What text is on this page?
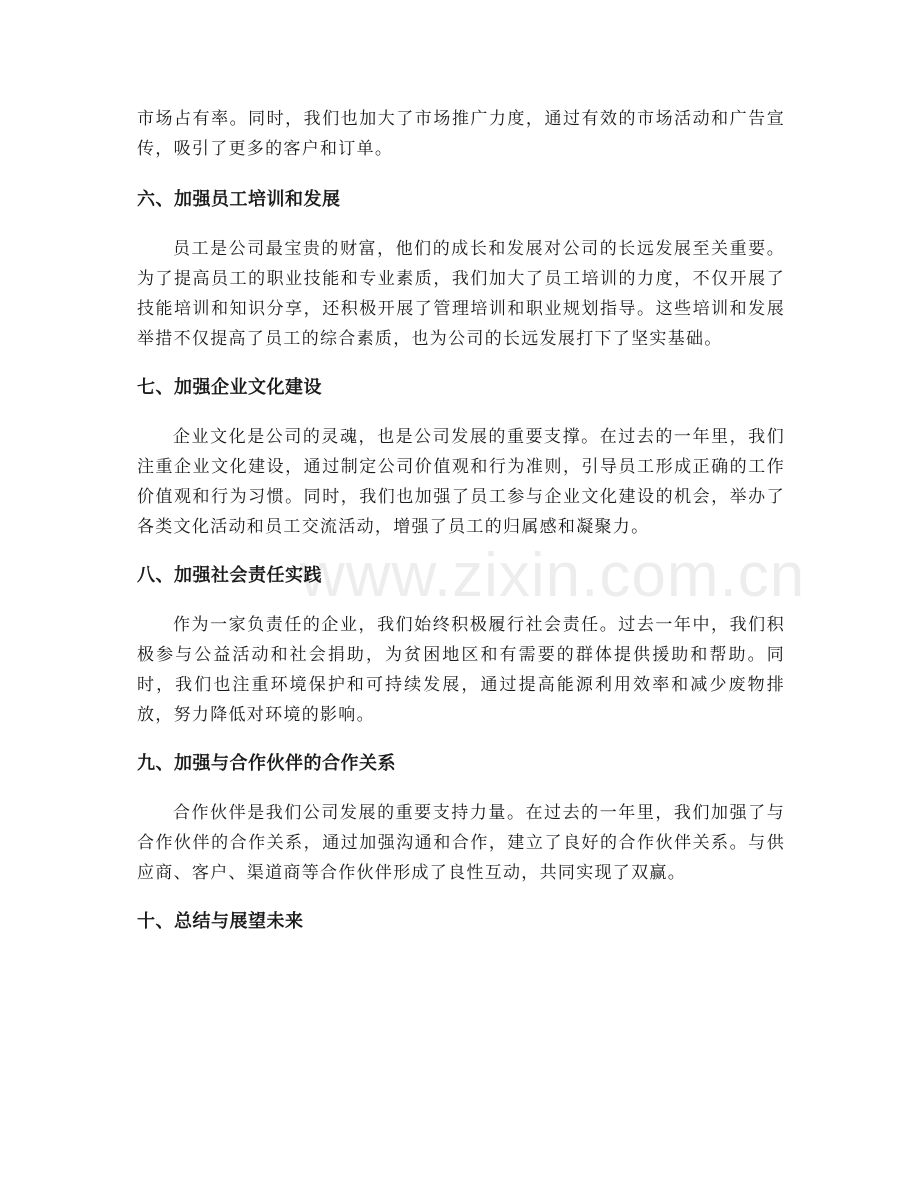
www.zixin.com.cn

市场占有率。同时，我们也加大了市场推广力度，通过有效的市场活动和广告宣传，吸引了更多的客户和订单。

六、加强员工培训和发展

员工是公司最宝贵的财富，他们的成长和发展对公司的长远发展至关重要。为了提高员工的职业技能和专业素质，我们加大了员工培训的力度，不仅开展了技能培训和知识分享，还积极开展了管理培训和职业规划指导。这些培训和发展举措不仅提高了员工的综合素质，也为公司的长远发展打下了坚实基础。

七、加强企业文化建设

企业文化是公司的灵魂，也是公司发展的重要支撑。在过去的一年里，我们注重企业文化建设，通过制定公司价值观和行为准则，引导员工形成正确的工作价值观和行为习惯。同时，我们也加强了员工参与企业文化建设的机会，举办了各类文化活动和员工交流活动，增强了员工的归属感和凝聚力。

八、加强社会责任实践

作为一家负责任的企业，我们始终积极履行社会责任。过去一年中，我们积极参与公益活动和社会捐助，为贫困地区和有需要的群体提供援助和帮助。同时，我们也注重环境保护和可持续发展，通过提高能源利用效率和减少废物排放，努力降低对环境的影响。

九、加强与合作伙伴的合作关系

合作伙伴是我们公司发展的重要支持力量。在过去的一年里，我们加强了与合作伙伴的合作关系，通过加强沟通和合作，建立了良好的合作伙伴关系。与供应商、客户、渠道商等合作伙伴形成了良性互动，共同实现了双赢。

十、总结与展望未来
